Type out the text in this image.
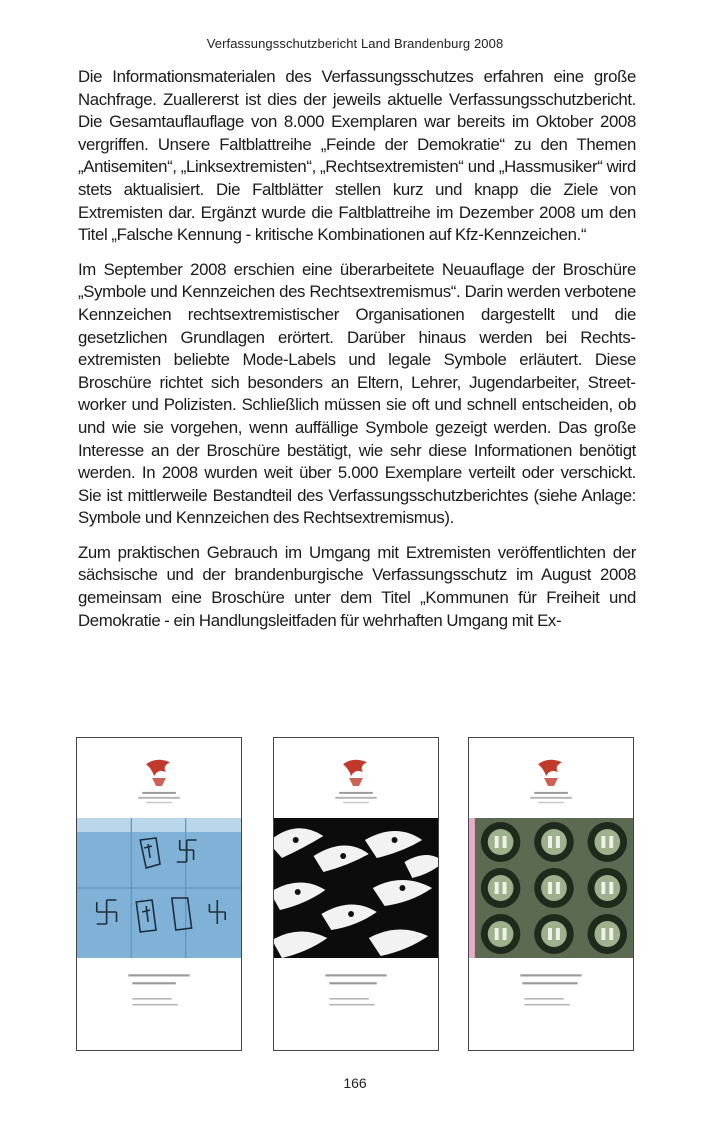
Verfassungsschutzbericht Land Brandenburg 2008

Die Informationsmaterialen des Verfassungsschutzes erfahren eine große Nachfrage. Zuallererst ist dies der jeweils aktuelle Verfassungsschutzbericht. Die Gesamtauflauflage von 8.000 Exemplaren war bereits im Oktober 2008 vergriffen. Unsere Faltblattreihe „Feinde der Demokratie“ zu den Themen „Antisemiten“, „Linksextremisten“, „Rechtsextremisten“ und „Hassmusiker“ wird stets aktualisiert. Die Faltblätter stellen kurz und knapp die Ziele von Extremisten dar. Ergänzt wurde die Faltblattreihe im Dezember 2008 um den Titel „Falsche Kennung - kritische Kombinationen auf Kfz-Kennzeichen.“

Im September 2008 erschien eine überarbeitete Neuauflage der Broschüre „Symbole und Kennzeichen des Rechtsextremismus“. Darin werden verbotene Kennzeichen rechtsextremistischer Organisationen dargestellt und die gesetzlichen Grundlagen erörtert. Darüber hinaus werden bei Rechtsextremisten beliebte Mode-Labels und legale Symbole erläutert. Diese Broschüre richtet sich besonders an Eltern, Lehrer, Jugendarbeiter, Streetworker und Polizisten. Schließlich müssen sie oft und schnell entscheiden, ob und wie sie vorgehen, wenn auffällige Symbole gezeigt werden. Das große Interesse an der Broschüre bestätigt, wie sehr diese Informationen benötigt werden. In 2008 wurden weit über 5.000 Exemplare verteilt oder verschickt. Sie ist mittlerweile Bestandteil des Verfassungsschutzberichtes (siehe Anlage: Symbole und Kennzeichen des Rechtsextremismus).

Zum praktischen Gebrauch im Umgang mit Extremisten veröffentlichten der sächsische und der brandenburgische Verfassungsschutz im August 2008 gemeinsam eine Broschüre unter dem Titel „Kommunen für Freiheit und Demokratie - ein Handlungsleitfaden für wehrhaften Umgang mit Ex-

166
